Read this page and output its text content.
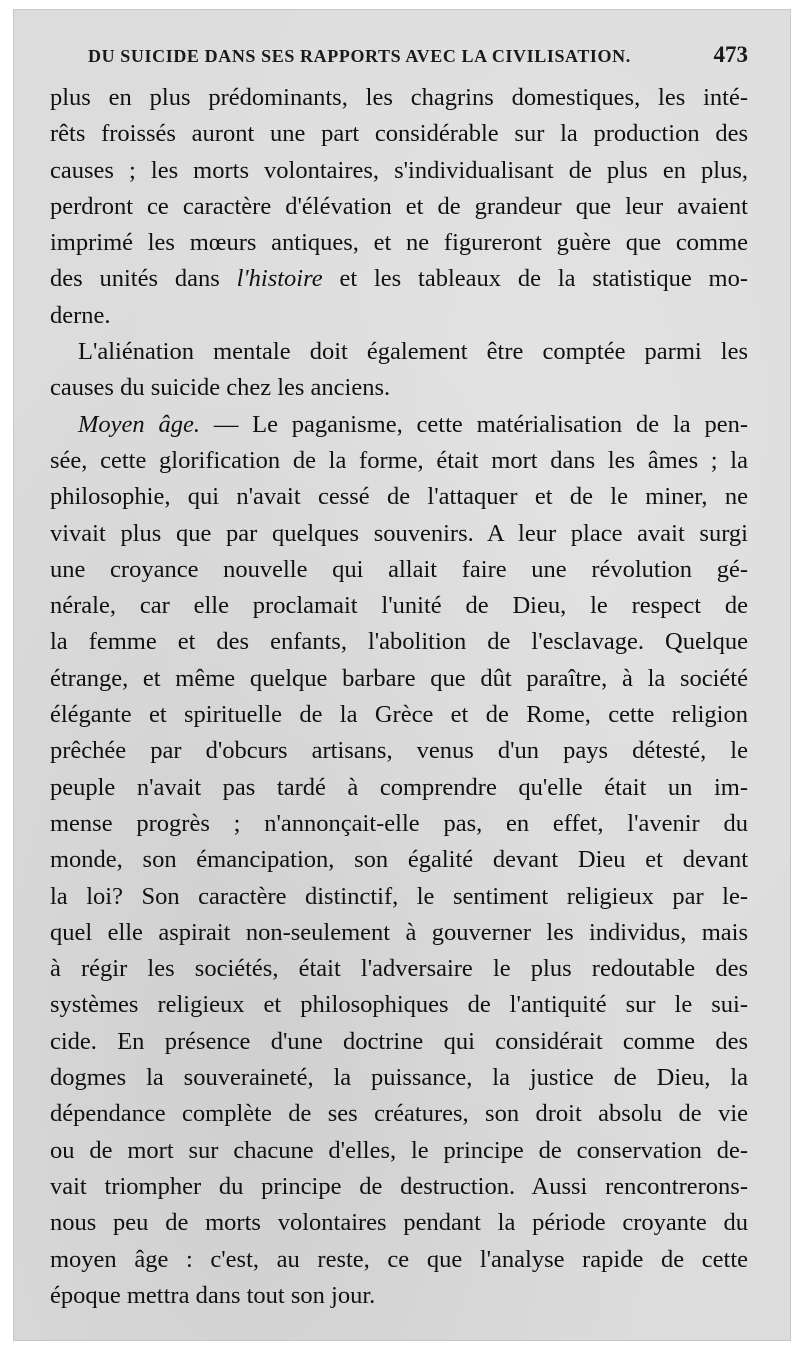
DU SUICIDE DANS SES RAPPORTS AVEC LA CIVILISATION.	473
plus en plus prédominants, les chagrins domestiques, les inté-
rêts froissés auront une part considérable sur la production des
causes ; les morts volontaires, s'individualisant de plus en plus,
perdront ce caractère d'élévation et de grandeur que leur avaient
imprimé les mœurs antiques, et ne figureront guère que comme
des unités dans l'histoire et les tableaux de la statistique mo-
derne.
L'aliénation mentale doit également être comptée parmi les
causes du suicide chez les anciens.
Moyen âge. — Le paganisme, cette matérialisation de la pen-
sée, cette glorification de la forme, était mort dans les âmes ; la
philosophie, qui n'avait cessé de l'attaquer et de le miner, ne
vivait plus que par quelques souvenirs. A leur place avait surgi
une croyance nouvelle qui allait faire une révolution gé-
nérale, car elle proclamait l'unité de Dieu, le respect de
la femme et des enfants, l'abolition de l'esclavage. Quelque
étrange, et même quelque barbare que dût paraître, à la société
élégante et spirituelle de la Grèce et de Rome, cette religion
prêchée par d'obcurs artisans, venus d'un pays détesté, le
peuple n'avait pas tardé à comprendre qu'elle était un im-
mense progrès ; n'annonçait-elle pas, en effet, l'avenir du
monde, son émancipation, son égalité devant Dieu et devant
la loi? Son caractère distinctif, le sentiment religieux par le-
quel elle aspirait non-seulement à gouverner les individus, mais
à régir les sociétés, était l'adversaire le plus redoutable des
systèmes religieux et philosophiques de l'antiquité sur le sui-
cide. En présence d'une doctrine qui considérait comme des
dogmes la souveraineté, la puissance, la justice de Dieu, la
dépendance complète de ses créatures, son droit absolu de vie
ou de mort sur chacune d'elles, le principe de conservation de-
vait triompher du principe de destruction. Aussi rencontrerons-
nous peu de morts volontaires pendant la période croyante du
moyen âge : c'est, au reste, ce que l'analyse rapide de cette
époque mettra dans tout son jour.
